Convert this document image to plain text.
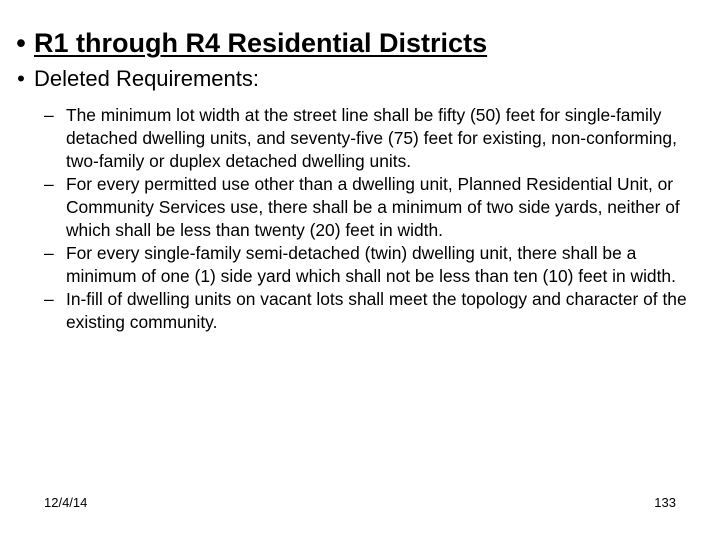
• R1 through R4 Residential Districts
• Deleted Requirements:
– The minimum lot width at the street line shall be fifty (50) feet for single-family detached dwelling units, and seventy-five (75) feet for existing, non-conforming, two-family or duplex detached dwelling units.
– For every permitted use other than a dwelling unit, Planned Residential Unit, or Community Services use, there shall be a minimum of two side yards, neither of which shall be less than twenty (20) feet in width.
– For every single-family semi-detached (twin) dwelling unit, there shall be a minimum of one (1) side yard which shall not be less than ten (10) feet in width.
– In-fill of dwelling units on vacant lots shall meet the topology and character of the existing community.
12/4/14	133
